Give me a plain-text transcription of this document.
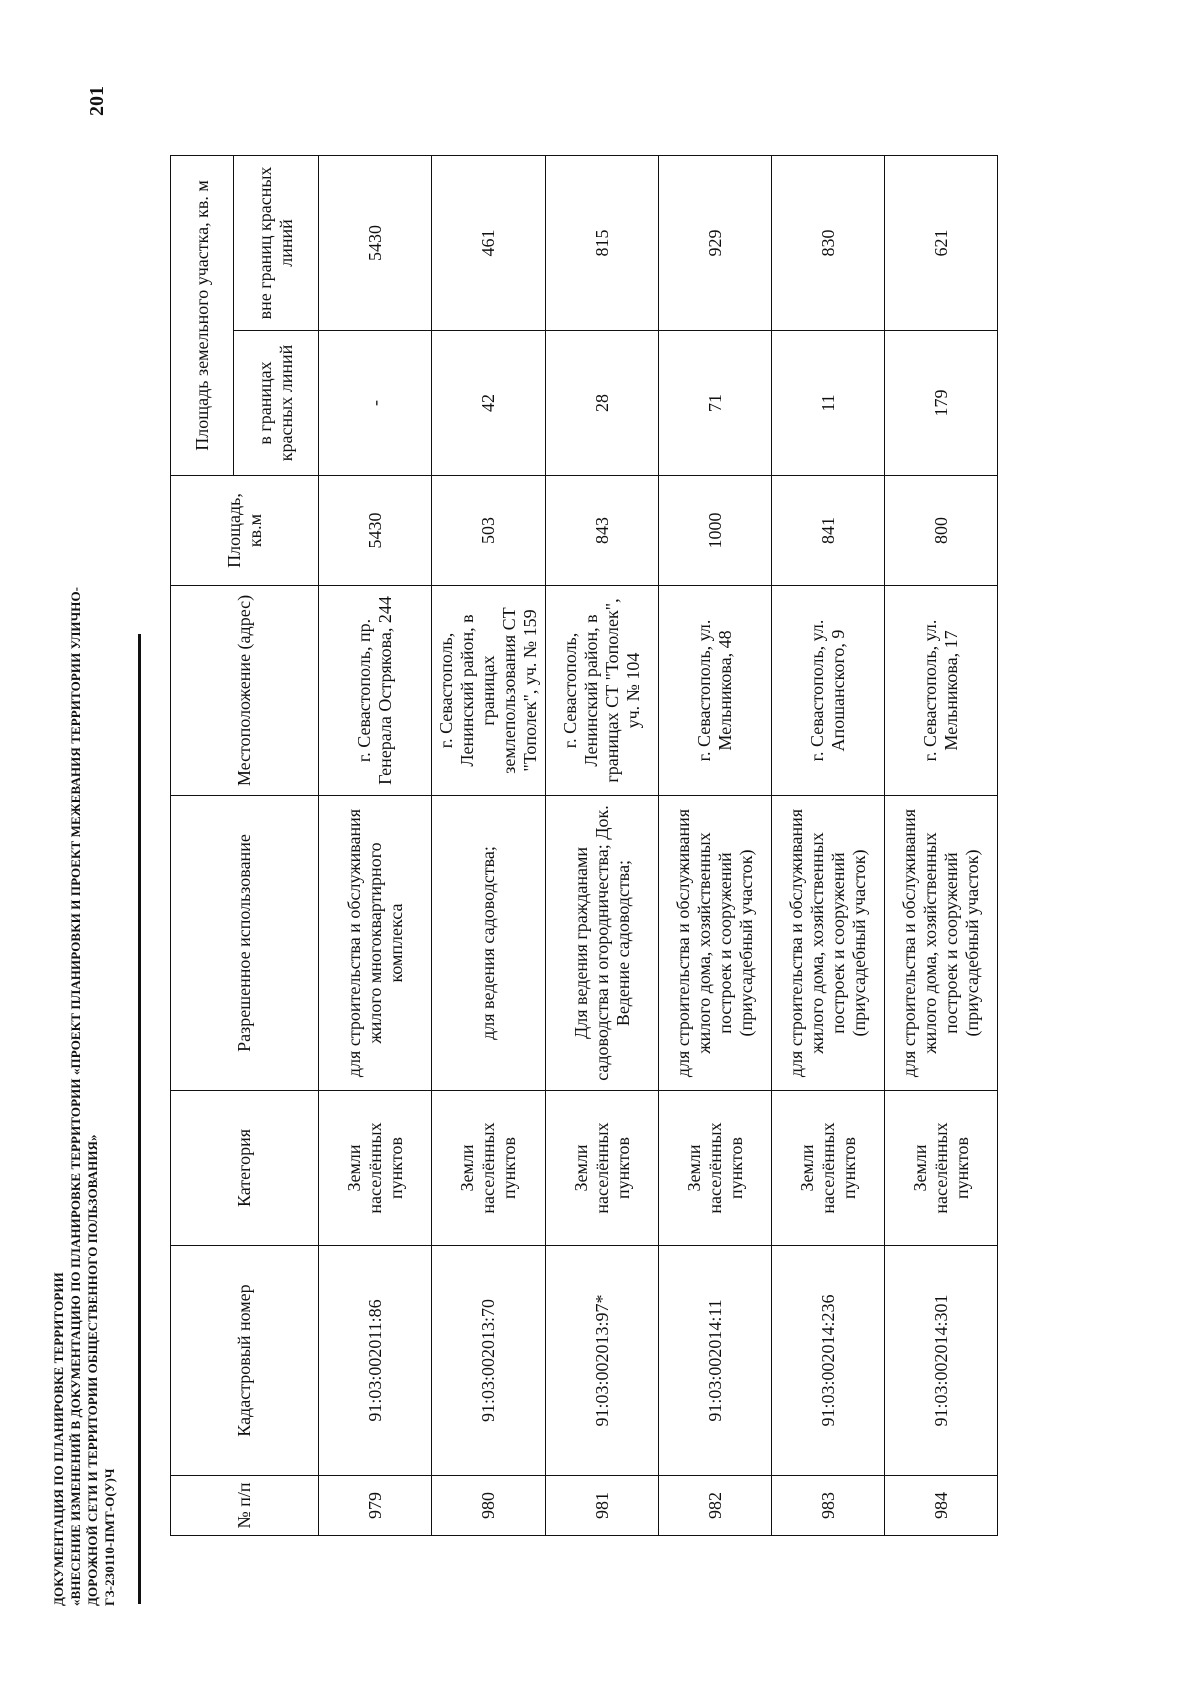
201
ДОКУМЕНТАЦИЯ ПО ПЛАНИРОВКЕ ТЕРРИТОРИИ «ВНЕСЕНИЕ ИЗМЕНЕНИЙ В ДОКУМЕНТАЦИЮ ПО ПЛАНИРОВКЕ ТЕРРИТОРИИ «ПРОЕКТ ПЛАНИРОВКИ И ПРОЕКТ МЕЖЕВАНИЯ ТЕРРИТОРИИ УЛИЧНО- ДОРОЖНОЙ СЕТИ И ТЕРРИТОРИИ ОБЩЕСТВЕННОГО ПОЛЬЗОВАНИЯ» ГЗ-230110-ПМТ-О(У)Ч	№ п/п	Кадастровый номер	Категория	Разрешенное использование	Местоположение (адрес)	Площадь, кв.м	Площадь земельного участка, кв. м	
						в границах красных линий	вне границ красных линий
979	91:03:002011:86	Земли населённых пунктов	для строительства и обслуживания жилого многоквартирного комплекса	г. Севастополь, пр. Генерала Острякова, 244	5430	-	5430
980	91:03:002013:70	Земли населённых пунктов	для ведения садоводства;	г. Севастополь, Ленинский район, в границах землепользования СТ "Тополек", уч. № 159	503	42	461
981	91:03:002013:97*	Земли населённых пунктов	Для ведения гражданами садоводства и огородничества; Док. Ведение садоводства;	г. Севастополь, Ленинский район, в границах СТ "Тополек", уч. № 104	843	28	815
982	91:03:002014:11	Земли населённых пунктов	для строительства и обслуживания жилого дома, хозяйственных построек и сооружений (приусадебный участок)	г. Севастополь, ул. Мельникова, 48	1000	71	929
983	91:03:002014:236	Земли населённых пунктов	для строительства и обслуживания жилого дома, хозяйственных построек и сооружений (приусадебный участок)	г. Севастополь, ул. Апошанского, 9	841	11	830
984	91:03:002014:301	Земли населённых пунктов	для строительства и обслуживания жилого дома, хозяйственных построек и сооружений (приусадебный участок)	г. Севастополь, ул. Мельникова, 17	800	179	621
